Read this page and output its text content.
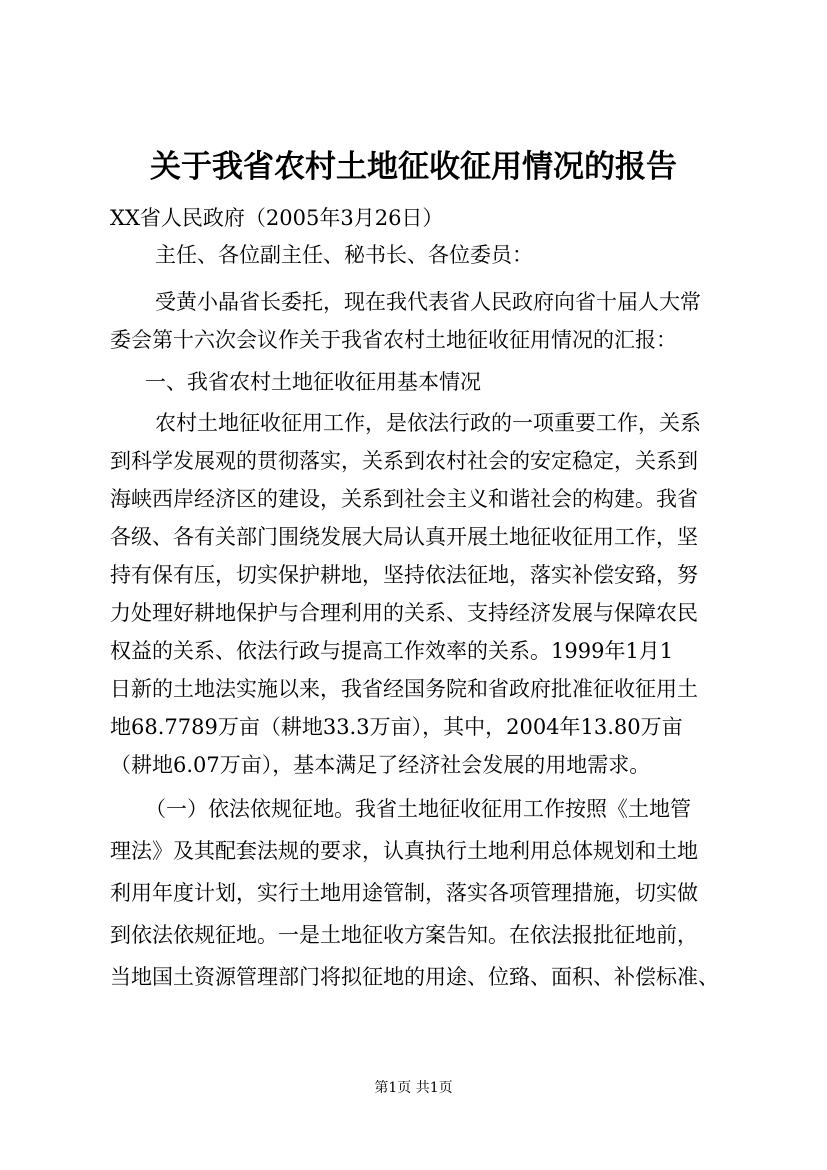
关于我省农村土地征收征用情况的报告
XX省人民政府（2005年3月26日）
主任、各位副主任、秘书长、各位委员：
受黄小晶省长委托，现在我代表省人民政府向省十届人大常
委会第十六次会议作关于我省农村土地征收征用情况的汇报：
一、我省农村土地征收征用基本情况
农村土地征收征用工作，是依法行政的一项重要工作，关系
到科学发展观的贯彻落实，关系到农村社会的安定稳定，关系到
海峡西岸经济区的建设，关系到社会主义和谐社会的构建。我省
各级、各有关部门围绕发展大局认真开展土地征收征用工作，坚
持有保有压，切实保护耕地，坚持依法征地，落实补偿安臵，努
力处理好耕地保护与合理利用的关系、支持经济发展与保障农民
权益的关系、依法行政与提高工作效率的关系。1999年1月1
日新的土地法实施以来，我省经国务院和省政府批准征收征用土
地68.7789万亩（耕地33.3万亩），其中，2004年13.80万亩
（耕地6.07万亩），基本满足了经济社会发展的用地需求。
（一）依法依规征地。我省土地征收征用工作按照《土地管
理法》及其配套法规的要求，认真执行土地利用总体规划和土地
利用年度计划，实行土地用途管制，落实各项管理措施，切实做
到依法依规征地。一是土地征收方案告知。在依法报批征地前，
当地国土资源管理部门将拟征地的用途、位臵、面积、补偿标准、
第1页 共1页
